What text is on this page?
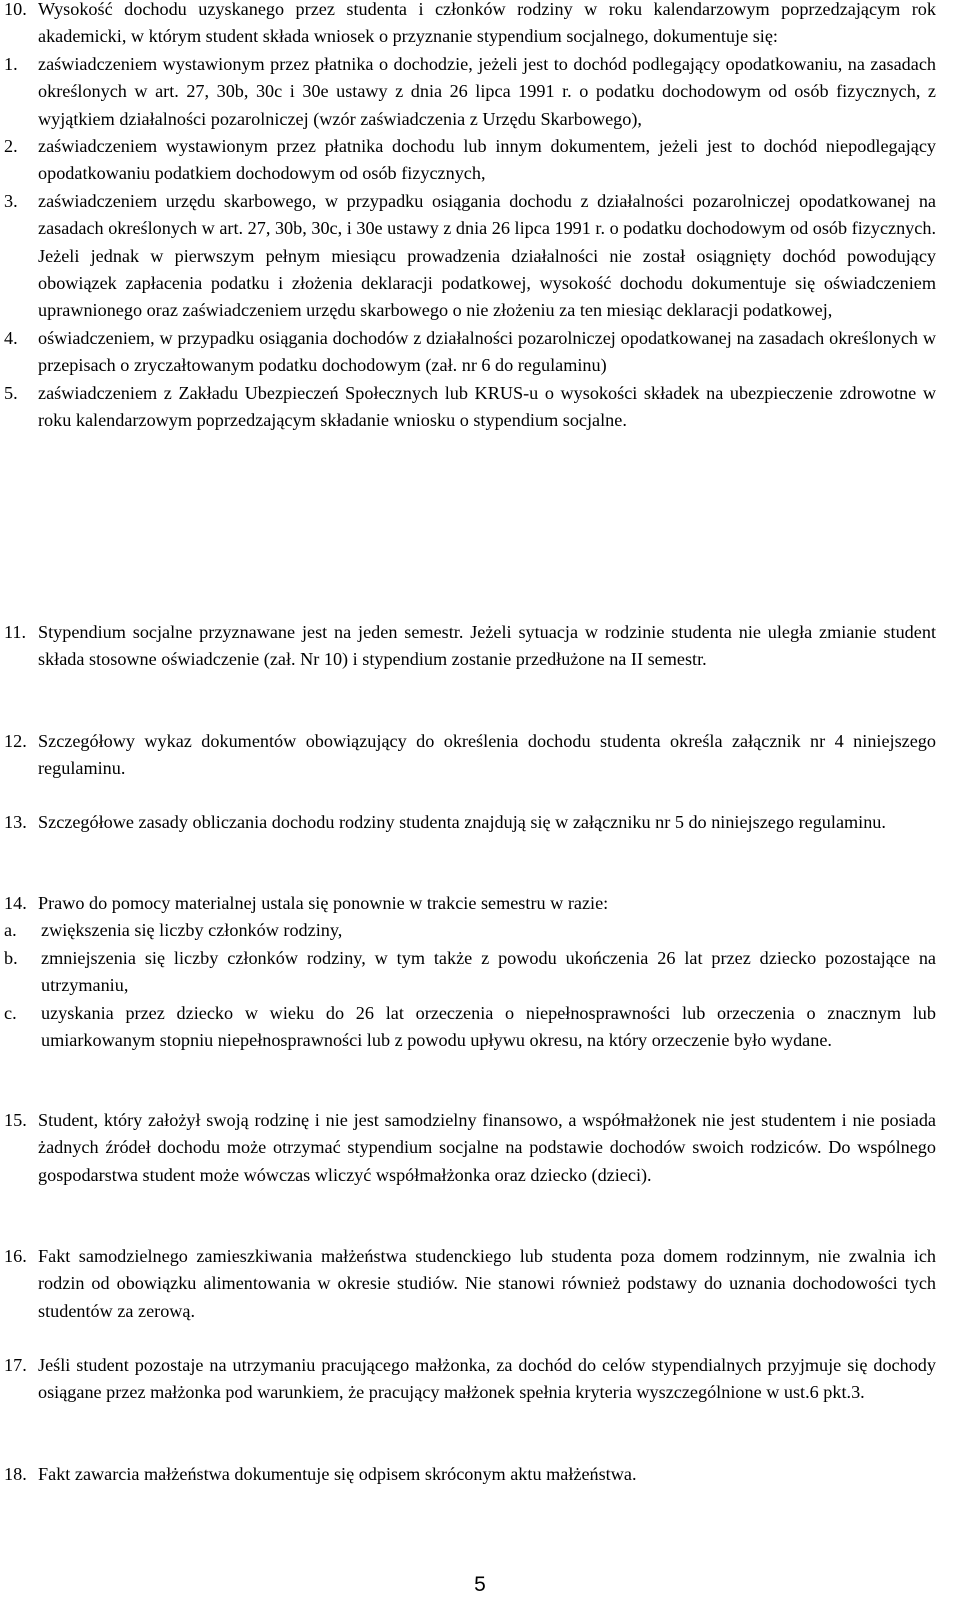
10. Wysokość dochodu uzyskanego przez studenta i członków rodziny w roku kalendarzowym poprzedzającym rok akademicki, w którym student składa wniosek o przyznanie stypendium socjalnego, dokumentuje się:
1.	zaświadczeniem wystawionym przez płatnika o dochodzie, jeżeli jest to dochód podlegający opodatkowaniu, na zasadach określonych w art. 27, 30b, 30c i 30e ustawy z dnia 26 lipca 1991 r. o podatku dochodowym od osób fizycznych, z wyjątkiem działalności pozarolniczej (wzór zaświadczenia z Urzędu Skarbowego),
2.	zaświadczeniem wystawionym przez płatnika dochodu lub innym dokumentem, jeżeli jest to dochód niepodlegający opodatkowaniu podatkiem dochodowym od osób fizycznych,
3.	zaświadczeniem urzędu skarbowego, w przypadku osiągania dochodu z działalności pozarolniczej opodatkowanej na zasadach określonych w art. 27, 30b, 30c, i 30e ustawy z dnia 26 lipca 1991 r. o podatku dochodowym od osób fizycznych. Jeżeli jednak w pierwszym pełnym miesiącu prowadzenia działalności nie został osiągnięty dochód powodujący obowiązek zapłacenia podatku i złożenia deklaracji podatkowej, wysokość dochodu dokumentuje się oświadczeniem uprawnionego oraz zaświadczeniem urzędu skarbowego o nie złożeniu za ten miesiąc deklaracji podatkowej,
4.	oświadczeniem, w przypadku osiągania dochodów z działalności pozarolniczej opodatkowanej na zasadach określonych w przepisach o zryczałtowanym podatku dochodowym (zał. nr 6 do regulaminu)
5.	zaświadczeniem z Zakładu Ubezpieczeń Społecznych lub KRUS-u o wysokości składek na ubezpieczenie zdrowotne w roku kalendarzowym poprzedzającym składanie wniosku o stypendium socjalne.
11. Stypendium socjalne przyznawane jest na jeden semestr. Jeżeli sytuacja w rodzinie studenta nie uległa zmianie student składa stosowne oświadczenie (zał. Nr 10) i stypendium zostanie przedłużone na II semestr.
12. Szczegółowy wykaz dokumentów obowiązujący do określenia dochodu studenta określa załącznik nr 4 niniejszego regulaminu.
13. Szczegółowe zasady obliczania dochodu rodziny studenta znajdują się w załączniku nr 5 do niniejszego regulaminu.
14. Prawo do pomocy materialnej ustala się ponownie w trakcie semestru w razie:
a.	zwiększenia się liczby członków rodziny,
b.	zmniejszenia się liczby członków rodziny, w tym także z powodu ukończenia 26 lat przez dziecko pozostające na utrzymaniu,
c.	uzyskania przez dziecko w wieku do 26 lat orzeczenia o niepełnosprawności lub orzeczenia o znacznym lub umiarkowanym stopniu niepełnosprawności lub z powodu upływu okresu, na który orzeczenie było wydane.
15. Student, który założył swoją rodzinę i nie jest samodzielny finansowo, a współmałżonek nie jest studentem i nie posiada żadnych źródeł dochodu może otrzymać stypendium socjalne na podstawie dochodów swoich rodziców. Do wspólnego gospodarstwa student może wówczas wliczyć współmałżonka oraz dziecko (dzieci).
16. Fakt samodzielnego zamieszkiwania małżeństwa studenckiego lub studenta poza domem rodzinnym, nie zwalnia ich rodzin od obowiązku alimentowania w okresie studiów. Nie stanowi również podstawy do uznania dochodowości tych studentów za zerową.
17. Jeśli student pozostaje na utrzymaniu pracującego małżonka, za dochód do celów stypendialnych przyjmuje się dochody osiągane przez małżonka pod warunkiem, że pracujący małżonek spełnia kryteria wyszczególnione w ust.6 pkt.3.
18. Fakt zawarcia małżeństwa dokumentuje się odpisem skróconym aktu małżeństwa.
5
